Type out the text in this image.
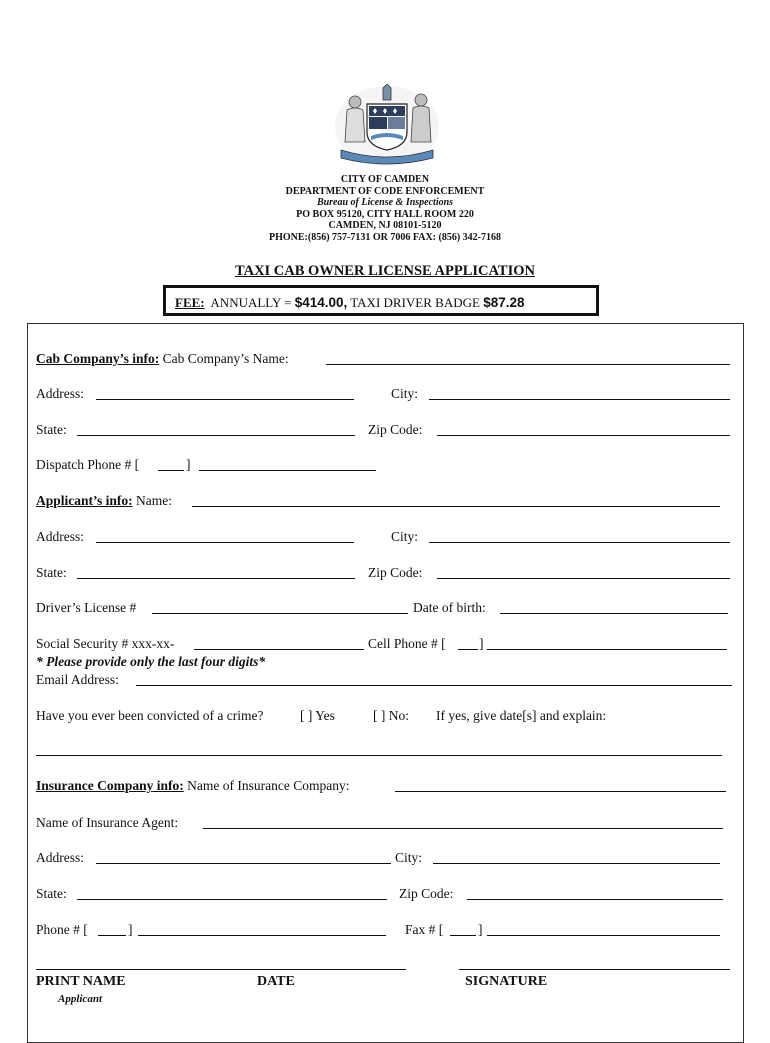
CITY OF CAMDEN
DEPARTMENT OF CODE ENFORCEMENT
Bureau of License & Inspections
PO BOX 95120, CITY HALL ROOM 220
CAMDEN, NJ 08101-5120
PHONE:(856) 757-7131 OR 7006 FAX: (856) 342-7168
TAXI CAB OWNER LICENSE APPLICATION
FEE: ANNUALLY = $414.00, TAXI DRIVER BADGE $87.28
Cab Company’s info: Cab Company’s Name:
Address:	City:
State:	Zip Code:
Dispatch Phone # [	]
Applicant’s info: Name:
Address:	City:
State:	Zip Code:
Driver’s License #	Date of birth:
Social Security # xxx-xx-	Cell Phone # [ ]
* Please provide only the last four digits*
Email Address:
Have you ever been convicted of a crime?	[ ] Yes	[ ] No: If yes, give date[s] and explain:
Insurance Company info: Name of Insurance Company:
Name of Insurance Agent:
Address:	City:
State:	Zip Code:
Phone # [	]	Fax # [	]
PRINT NAME	DATE	SIGNATURE
Applicant
